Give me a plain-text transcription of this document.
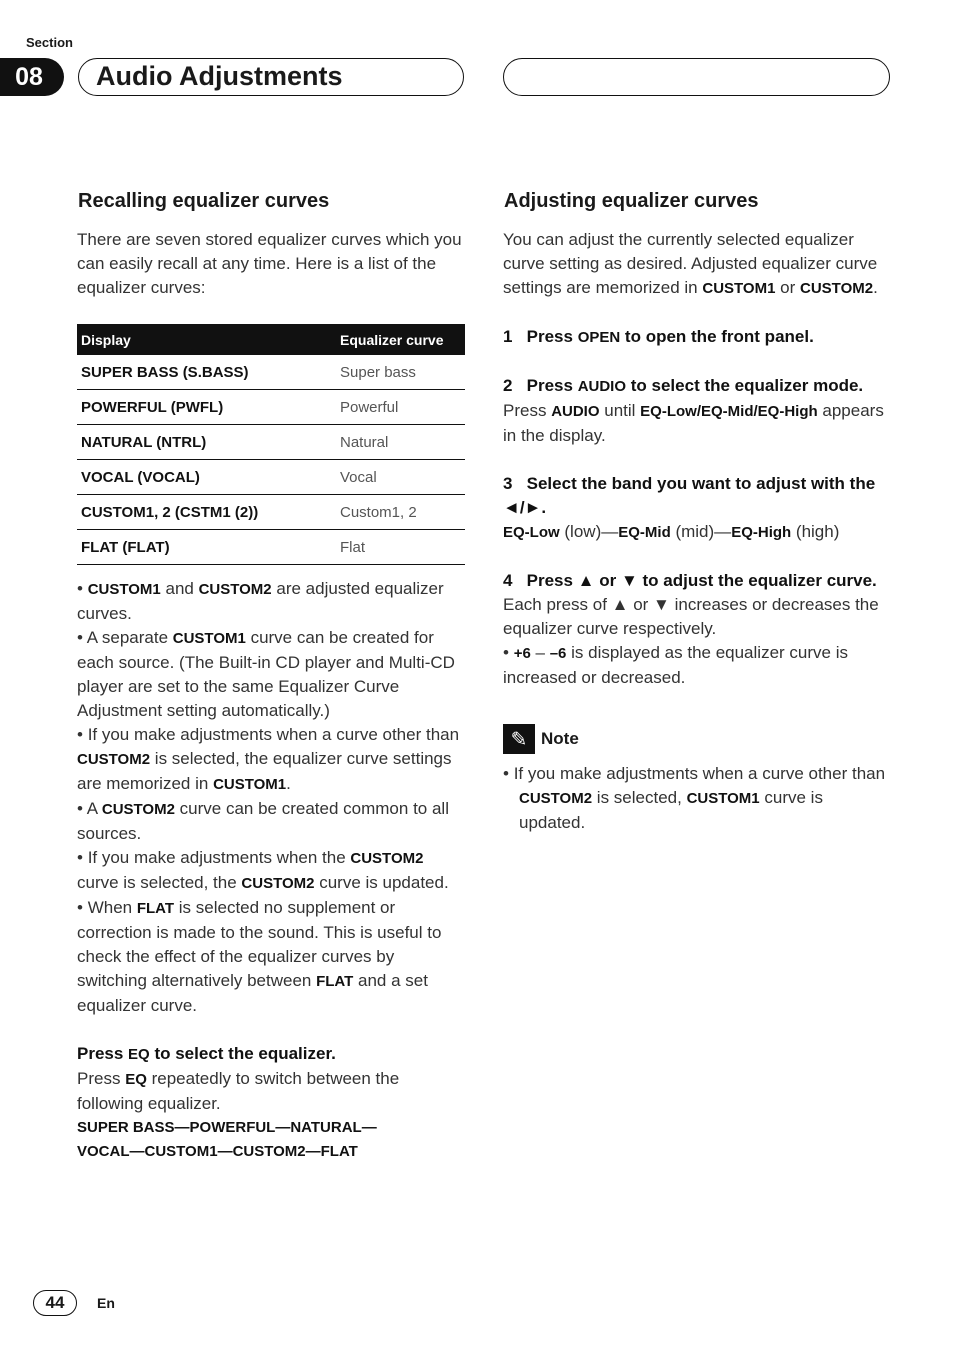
Section
08	Audio Adjustments
Recalling equalizer curves

There are seven stored equalizer curves which you can easily recall at any time. Here is a list of the equalizer curves:

Display	Equalizer curve
SUPER BASS (S.BASS)	Super bass
POWERFUL (PWFL)	Powerful
NATURAL (NTRL)	Natural
VOCAL (VOCAL)	Vocal
CUSTOM1, 2 (CSTM1 (2))	Custom1, 2
FLAT (FLAT)	Flat

• CUSTOM1 and CUSTOM2 are adjusted equalizer curves.

• A separate CUSTOM1 curve can be created for each source. (The Built-in CD player and Multi-CD player are set to the same Equalizer Curve Adjustment setting automatically.)

• If you make adjustments when a curve other than CUSTOM2 is selected, the equalizer curve settings are memorized in CUSTOM1.

• A CUSTOM2 curve can be created common to all sources.

• If you make adjustments when the CUSTOM2 curve is selected, the CUSTOM2 curve is updated.

• When FLAT is selected no supplement or correction is made to the sound. This is useful to check the effect of the equalizer curves by switching alternatively between FLAT and a set equalizer curve.

Press EQ to select the equalizer.

Press EQ repeatedly to switch between the following equalizer.

SUPER BASS—POWERFUL—NATURAL—
VOCAL—CUSTOM1—CUSTOM2—FLAT
Adjusting equalizer curves

You can adjust the currently selected equalizer curve setting as desired. Adjusted equalizer curve settings are memorized in CUSTOM1 or CUSTOM2.

1 Press OPEN to open the front panel.
2 Press AUDIO to select the equalizer mode.

Press AUDIO until EQ-Low/EQ-Mid/EQ-High appears in the display.

3 Select the band you want to adjust with the ◄/►.

EQ-Low (low)—EQ-Mid (mid)—EQ-High (high)

4 Press ▲ or ▼ to adjust the equalizer curve.

Each press of ▲ or ▼ increases or decreases the equalizer curve respectively.

• +6 – –6 is displayed as the equalizer curve is increased or decreased.

✎ Note

• If you make adjustments when a curve other than CUSTOM2 is selected, CUSTOM1 curve is updated.

44	En
